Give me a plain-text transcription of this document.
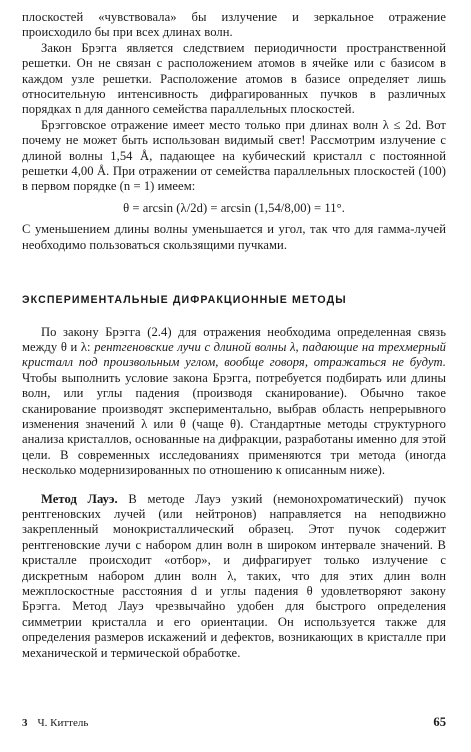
плоскостей «чувствовала» бы излучение и зеркальное отражение происходило бы при всех длинах волн.

Закон Брэгга является следствием периодичности пространственной решетки. Он не связан с расположением атомов в ячейке или с базисом в каждом узле решетки. Расположение атомов в базисе определяет лишь относительную интенсивность дифрагированных пучков в различных порядках n для данного семейства параллельных плоскостей.

Брэгговское отражение имеет место только при длинах волн λ ≤ 2d. Вот почему не может быть использован видимый свет! Рассмотрим излучение с длиной волны 1,54 Å, падающее на кубический кристалл с постоянной решетки 4,00 Å. При отражении от семейства параллельных плоскостей (100) в первом порядке (n = 1) имеем:

θ = arcsin (λ/2d) = arcsin (1,54/8,00) = 11°.

С уменьшением длины волны уменьшается и угол, так что для гамма-лучей необходимо пользоваться скользящими пучками.

ЭКСПЕРИМЕНТАЛЬНЫЕ ДИФРАКЦИОННЫЕ МЕТОДЫ

По закону Брэгга (2.4) для отражения необходима определенная связь между θ и λ: рентгеновские лучи с длиной волны λ, падающие на трехмерный кристалл под произвольным углом, вообще говоря, отражаться не будут. Чтобы выполнить условие закона Брэгга, потребуется подбирать или длины волн, или углы падения (производя сканирование). Обычно такое сканирование производят экспериментально, выбрав область непрерывного изменения значений λ или θ (чаще θ). Стандартные методы структурного анализа кристаллов, основанные на дифракции, разработаны именно для этой цели. В современных исследованиях применяются три метода (иногда несколько модернизированных по отношению к описанным ниже).

Метод Лауэ. В методе Лауэ узкий (немонохроматический) пучок рентгеновских лучей (или нейтронов) направляется на неподвижно закрепленный монокристаллический образец. Этот пучок содержит рентгеновские лучи с набором длин волн в широком интервале значений. В кристалле происходит «отбор», и дифрагирует только излучение с дискретным набором длин волн λ, таких, что для этих длин волн межплоскостные расстояния d и углы падения θ удовлетворяют закону Брэгга. Метод Лауэ чрезвычайно удобен для быстрого определения симметрии кристалла и его ориентации. Он используется также для определения размеров искажений и дефектов, возникающих в кристалле при механической и термической обработке.

3 Ч. Киттель	65
